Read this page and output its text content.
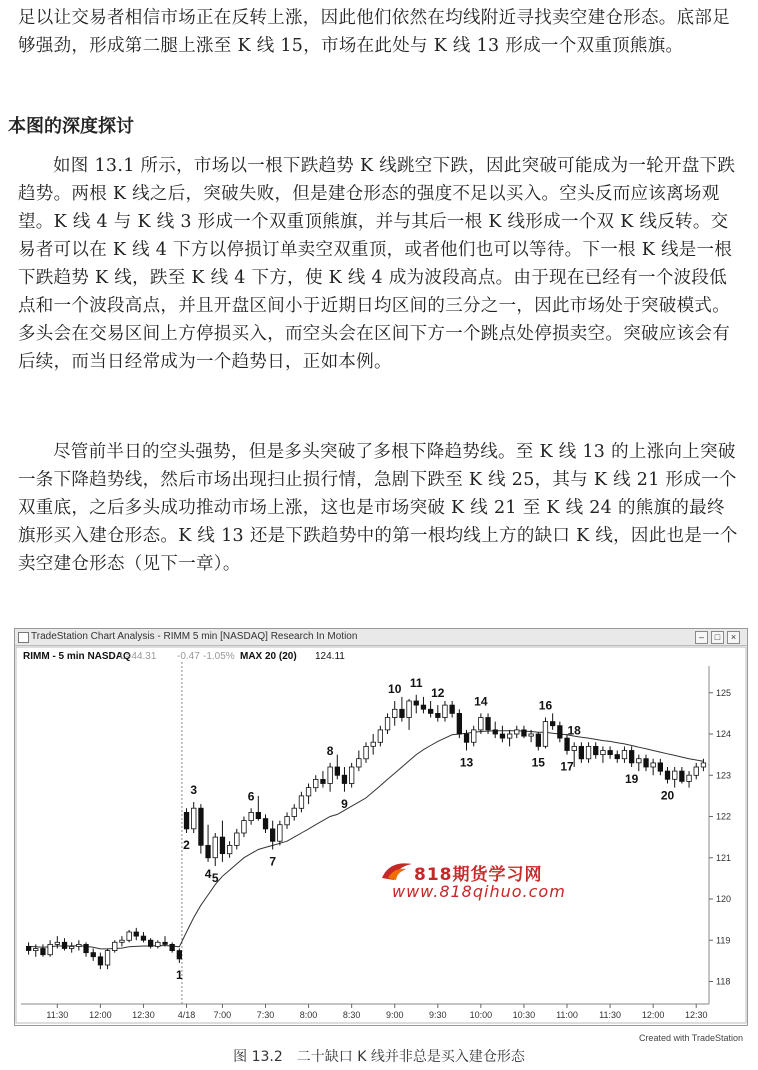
足以让交易者相信市场正在反转上涨，因此他们依然在均线附近寻找卖空建仓形态。底部足够强劲，形成第二腿上涨至 K 线 15，市场在此处与 K 线 13 形成一个双重顶熊旗。

本图的深度探讨

如图 13.1 所示，市场以一根下跌趋势 K 线跳空下跌，因此突破可能成为一轮开盘下跌趋势。两根 K 线之后，突破失败，但是建仓形态的强度不足以买入。空头反而应该离场观望。K 线 4 与 K 线 3 形成一个双重顶熊旗，并与其后一根 K 线形成一个双 K 线反转。交易者可以在 K 线 4 下方以停损订单卖空双重顶，或者他们也可以等待。下一根 K 线是一根下跌趋势 K 线，跌至 K 线 4 下方，使 K 线 4 成为波段高点。由于现在已经有一个波段低点和一个波段高点，并且开盘区间小于近期日均区间的三分之一，因此市场处于突破模式。多头会在交易区间上方停损买入，而空头会在区间下方一个跳点处停损卖空。突破应该会有后续，而当日经常成为一个趋势日，正如本例。

尽管前半日的空头强势，但是多头突破了多根下降趋势线。至 K 线 13 的上涨向上突破一条下降趋势线，然后市场出现扫止损行情，急剧下跌至 K 线 25，其与 K 线 21 形成一个双重底，之后多头成功推动市场上涨，这也是市场突破 K 线 21 至 K 线 24 的熊旗的最终旗形买入建仓形态。K 线 13 还是下跌趋势中的第一根均线上方的缺口 K 线，因此也是一个卖空建仓形态（见下一章）。

TradeStation Chart Analysis - RIMM 5 min [NASDAQ] Research In Motion	–	□	×
RIMM - 5 min NASDAQ
L=44.31 -0.47 -1.05% MAX 20 (20) 124.11
118
119
120
121
122
123
124
125
11:30 12:00 12:30	4/18 7:00	7:30	8:00	8:30	9:00	9:30	10:00 10:30 11:00 11:30 12:00 12:30
1
2
3
4 5
6
7
8
9
10 11
12
13
14
15
16
17
18
19
20
Created with TradeStation
818期货学习网
www.818qihuo.com
图 13.2　二十缺口 K 线并非总是买入建仓形态
